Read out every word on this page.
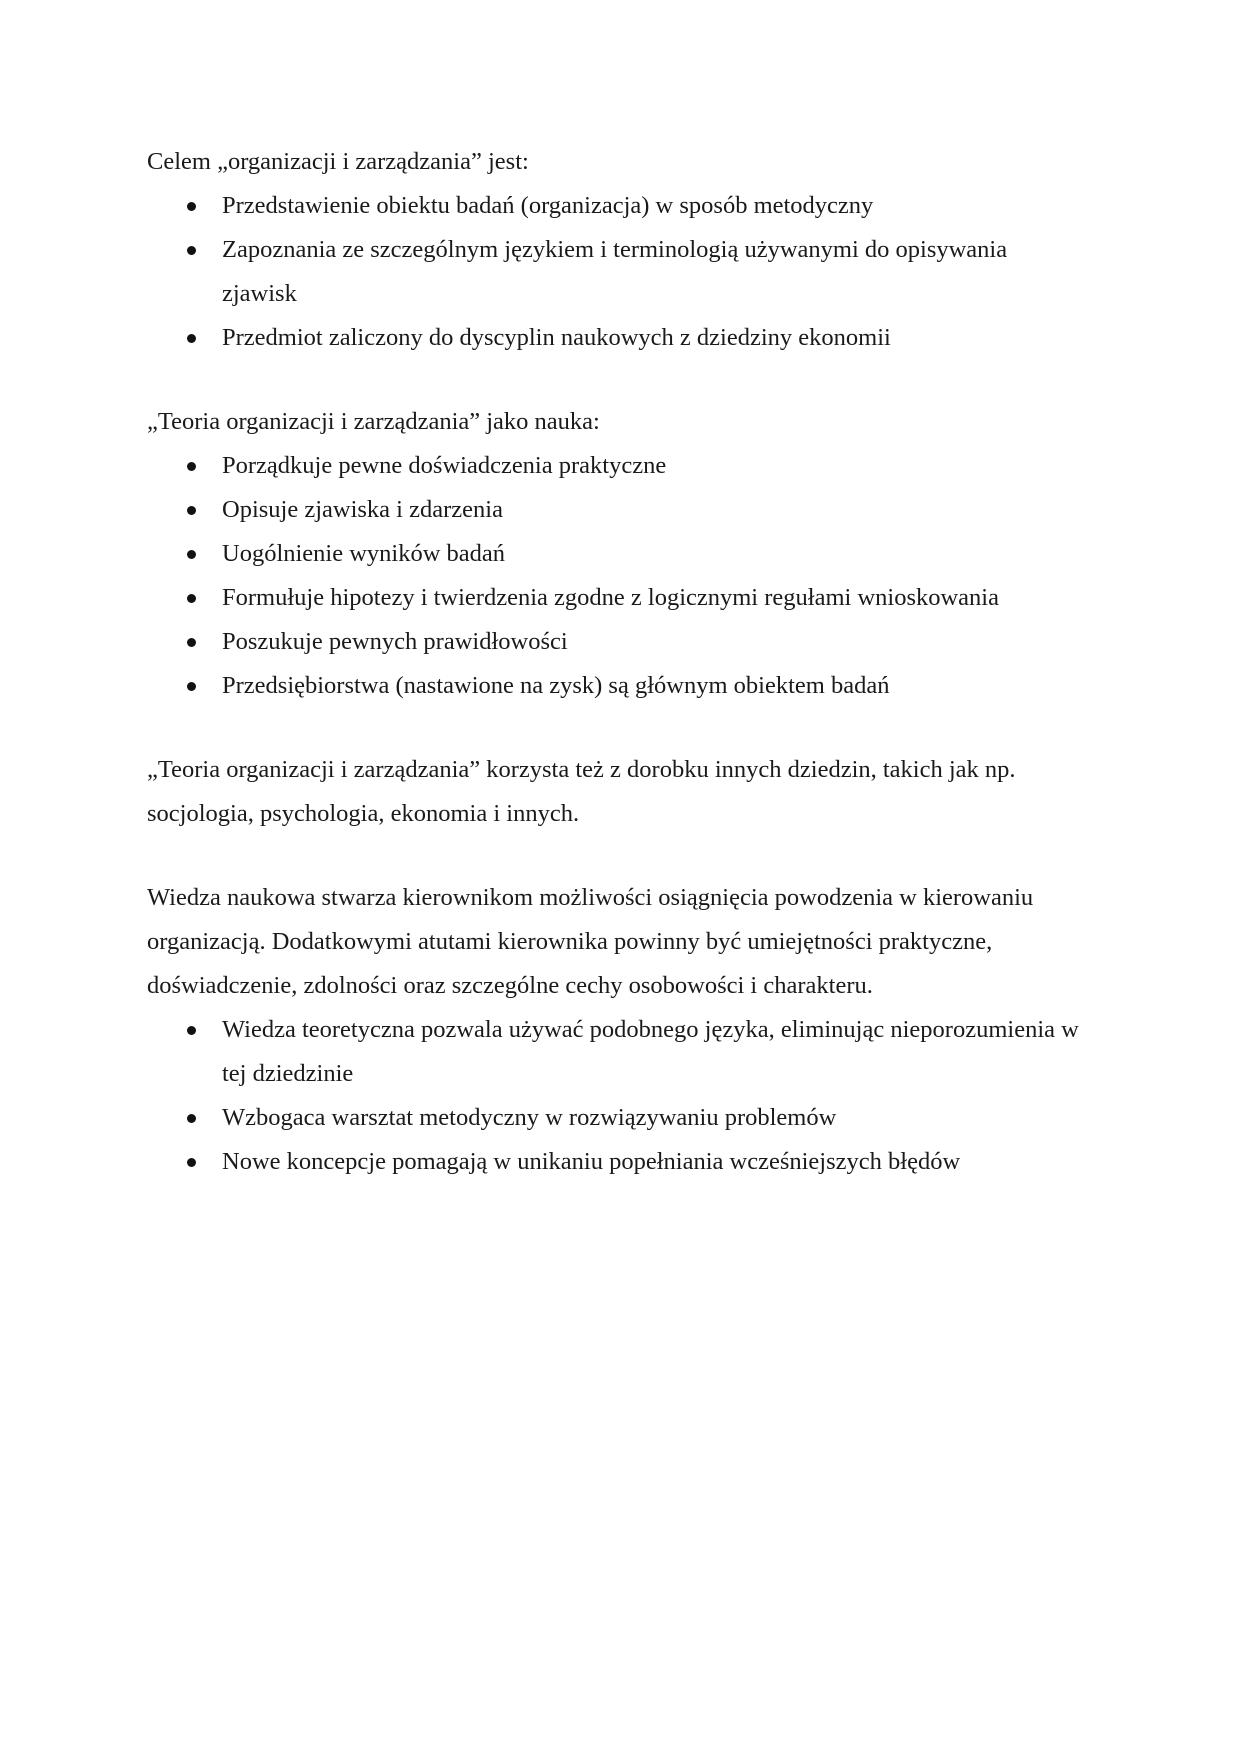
Celem „organizacji i zarządzania” jest:

Przedstawienie obiektu badań (organizacja) w sposób metodyczny
Zapoznania ze szczególnym językiem i terminologią używanymi do opisywania zjawisk
Przedmiot zaliczony do dyscyplin naukowych z dziedziny ekonomii

„Teoria organizacji i zarządzania” jako nauka:

Porządkuje pewne doświadczenia praktyczne
Opisuje zjawiska i zdarzenia
Uogólnienie wyników badań
Formułuje hipotezy i twierdzenia zgodne z logicznymi regułami wnioskowania
Poszukuje pewnych prawidłowości
Przedsiębiorstwa (nastawione na zysk) są głównym obiektem badań

„Teoria organizacji i zarządzania” korzysta też z dorobku innych dziedzin, takich jak np. socjologia, psychologia, ekonomia i innych.

Wiedza naukowa stwarza kierownikom możliwości osiągnięcia powodzenia w kierowaniu organizacją. Dodatkowymi atutami kierownika powinny być umiejętności praktyczne, doświadczenie, zdolności oraz szczególne cechy osobowości i charakteru.

Wiedza teoretyczna pozwala używać podobnego języka, eliminując nieporozumienia w tej dziedzinie
Wzbogaca warsztat metodyczny w rozwiązywaniu problemów
Nowe koncepcje pomagają w unikaniu popełniania wcześniejszych błędów
